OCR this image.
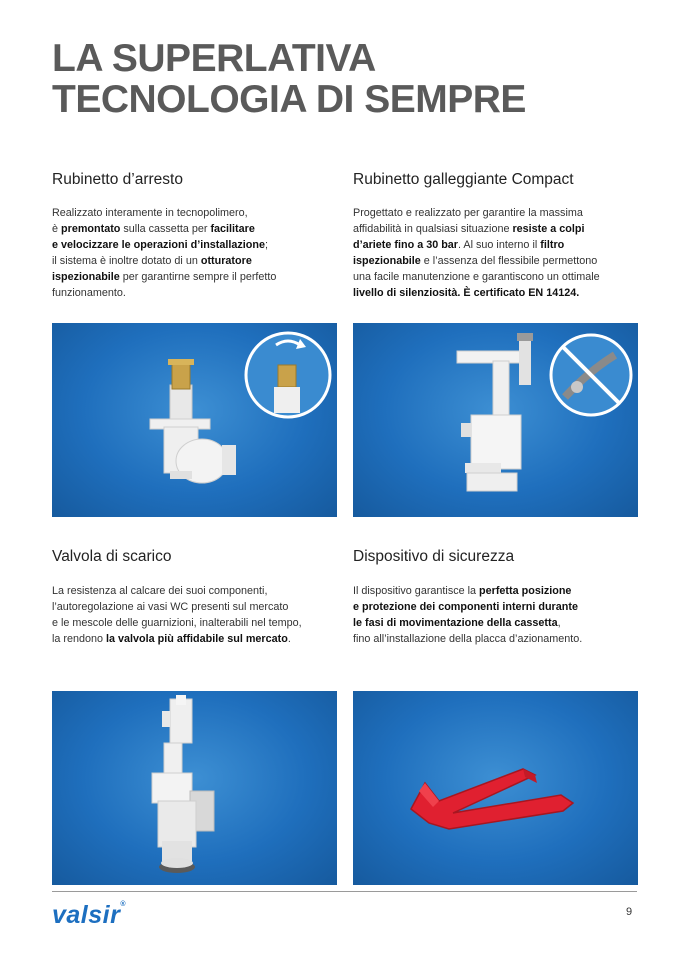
LA SUPERLATIVA
TECNOLOGIA DI SEMPRE
Rubinetto d’arresto
Realizzato interamente in tecnopolimero,
è premontato sulla cassetta per facilitare
e velocizzare le operazioni d’installazione;
il sistema è inoltre dotato di un otturatore
ispezionabile per garantirne sempre il perfetto
funzionamento.
Rubinetto galleggiante Compact
Progettato e realizzato per garantire la massima
affidabilità in qualsiasi situazione resiste a colpi
d’ariete fino a 30 bar. Al suo interno il filtro
ispezionabile e l’assenza del flessibile permettono
una facile manutenzione e garantiscono un ottimale
livello di silenziosità. È certificato EN 14124.
Valvola di scarico
La resistenza al calcare dei suoi componenti,
l’autoregolazione ai vasi WC presenti sul mercato
e le mescole delle guarnizioni, inalterabili nel tempo,
la rendono la valvola più affidabile sul mercato.
Dispositivo di sicurezza
Il dispositivo garantisce la perfetta posizione
e protezione dei componenti interni durante
le fasi di movimentazione della cassetta,
fino all’installazione della placca d’azionamento.
valsir®
9
